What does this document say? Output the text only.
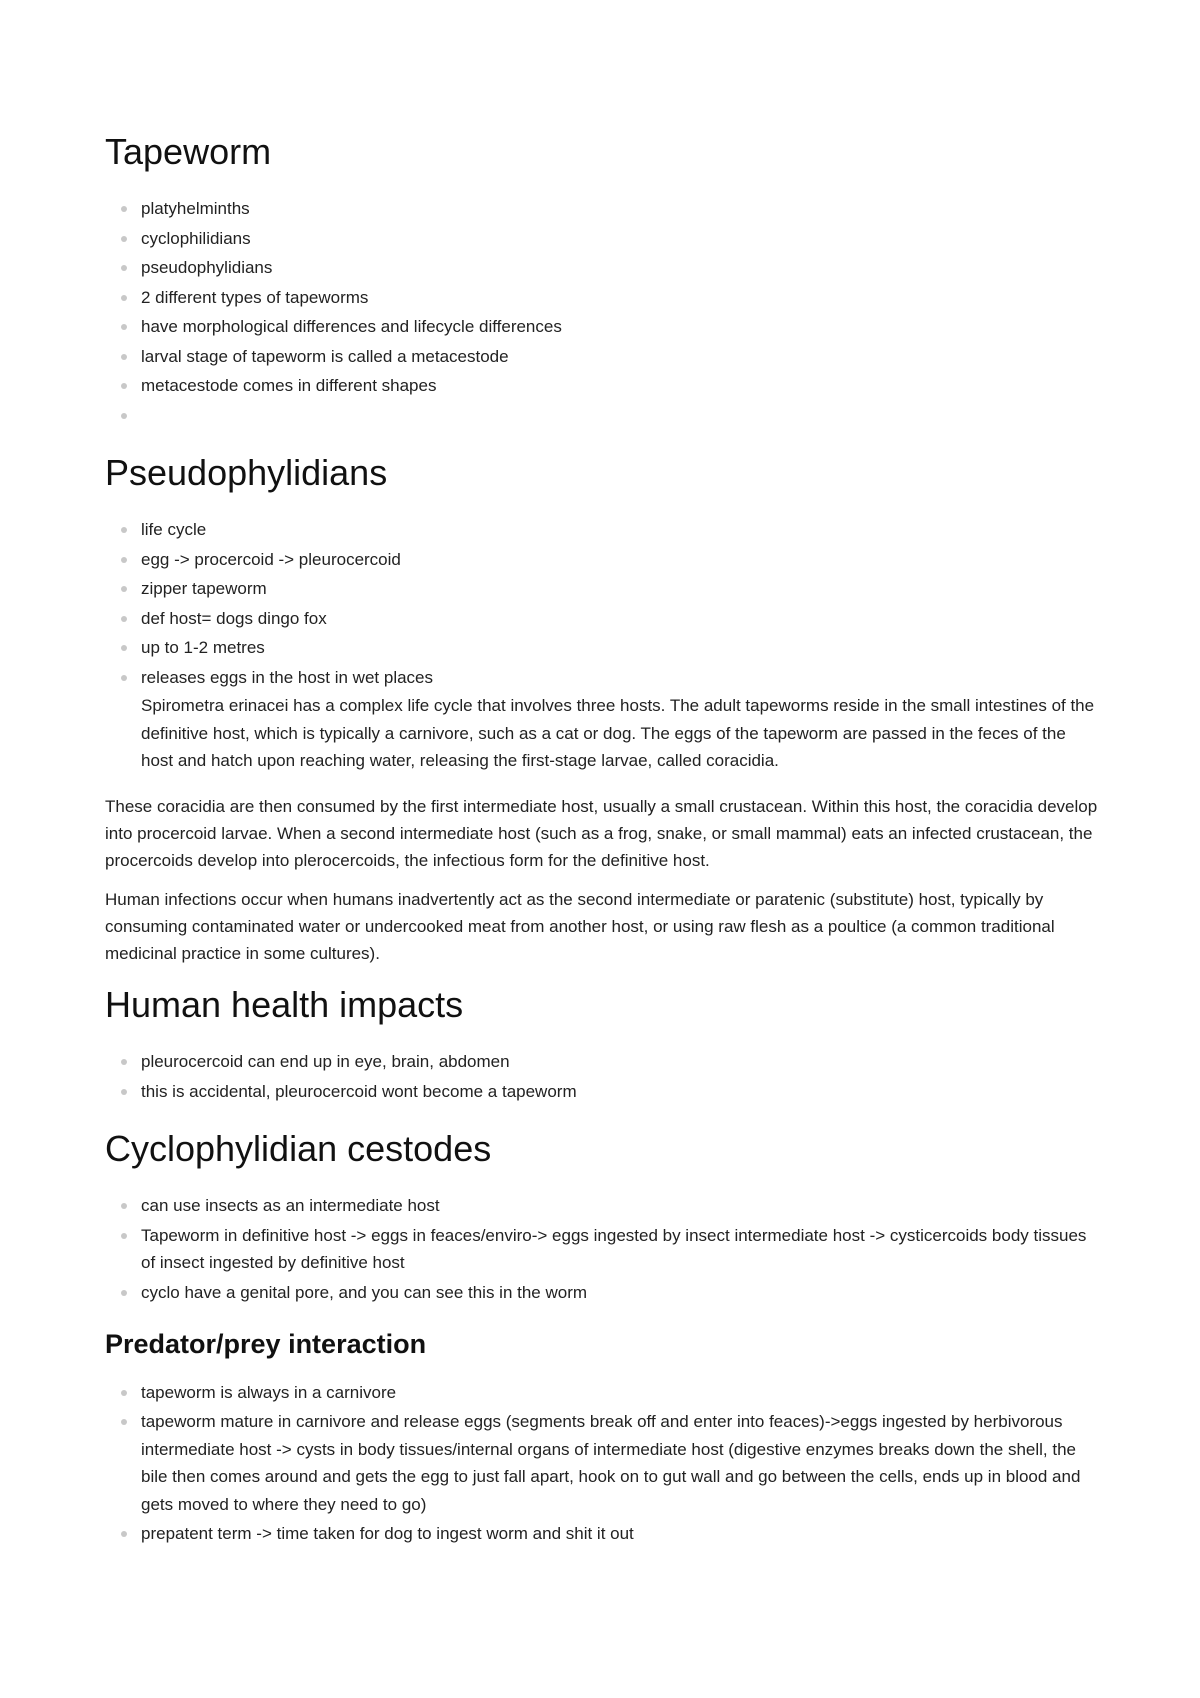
Tapeworm
platyhelminths
cyclophilidians
pseudophylidians
2 different types of tapeworms
have morphological differences and lifecycle differences
larval stage of tapeworm is called a metacestode
metacestode comes in different shapes
Pseudophylidians
life cycle
egg -> procercoid -> pleurocercoid
zipper tapeworm
def host= dogs dingo fox
up to 1-2 metres
releases eggs in the host in wet places
Spirometra erinacei has a complex life cycle that involves three hosts. The adult tapeworms reside in the small intestines of the definitive host, which is typically a carnivore, such as a cat or dog. The eggs of the tapeworm are passed in the feces of the host and hatch upon reaching water, releasing the first-stage larvae, called coracidia.

These coracidia are then consumed by the first intermediate host, usually a small crustacean. Within this host, the coracidia develop into procercoid larvae. When a second intermediate host (such as a frog, snake, or small mammal) eats an infected crustacean, the procercoids develop into plerocercoids, the infectious form for the definitive host.

Human infections occur when humans inadvertently act as the second intermediate or paratenic (substitute) host, typically by consuming contaminated water or undercooked meat from another host, or using raw flesh as a poultice (a common traditional medicinal practice in some cultures).

Human health impacts
pleurocercoid can end up in eye, brain, abdomen
this is accidental, pleurocercoid wont become a tapeworm
Cyclophylidian cestodes
can use insects as an intermediate host
Tapeworm in definitive host -> eggs in feaces/enviro-> eggs ingested by insect intermediate host -> cysticercoids body tissues of insect ingested by definitive host
cyclo have a genital pore, and you can see this in the worm
Predator/prey interaction
tapeworm is always in a carnivore
tapeworm mature in carnivore and release eggs (segments break off and enter into feaces)->eggs ingested by herbivorous intermediate host -> cysts in body tissues/internal organs of intermediate host (digestive enzymes breaks down the shell, the bile then comes around and gets the egg to just fall apart, hook on to gut wall and go between the cells, ends up in blood and gets moved to where they need to go)
prepatent term -> time taken for dog to ingest worm and shit it out
